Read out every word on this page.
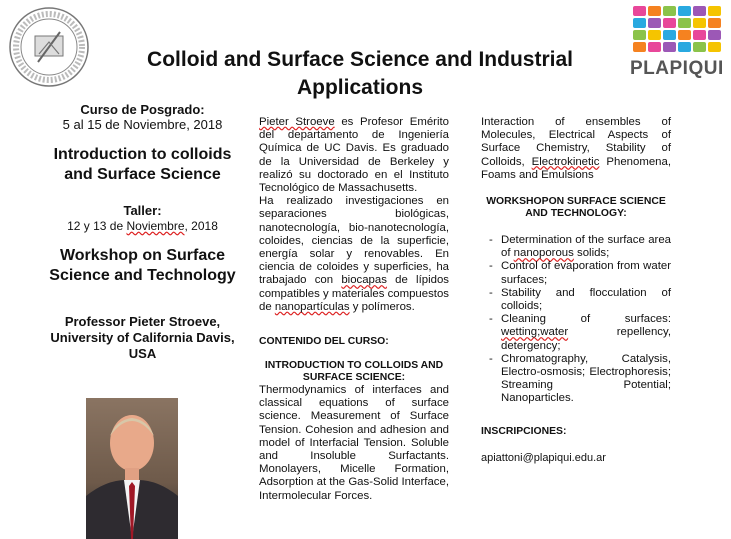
PLAPIQUI
Colloid and Surface Science and Industrial Applications
Curso de Posgrado:
5 al 15 de Noviembre, 2018
Introduction to colloids and Surface Science
Taller:
12 y 13 de Noviembre, 2018
Workshop on Surface Science and Technology
Professor Pieter Stroeve, University of California Davis, USA
Pieter Stroeve es Profesor Emérito del departamento de Ingeniería Química de UC Davis. Es graduado de la Universidad de Berkeley y realizó su doctorado en el Instituto Tecnológico de Massachusetts.
Ha realizado investigaciones en separaciones biológicas, nanotecnología, bio-nanotecnología, coloides, ciencias de la superficie, energía solar y renovables. En ciencia de coloides y superficies, ha trabajado con biocapas de lípidos compatibles y materiales compuestos de nanopartículas y polímeros.
CONTENIDO DEL CURSO:
INTRODUCTION TO COLLOIDS AND SURFACE SCIENCE:
Thermodynamics of interfaces and classical equations of surface science. Measurement of Surface Tension. Cohesion and adhesion and model of Interfacial Tension. Soluble and Insoluble Surfactants. Monolayers, Micelle Formation, Adsorption at the Gas-Solid Interface, Intermolecular Forces.
Interaction of ensembles of Molecules, Electrical Aspects of Surface Chemistry, Stability of Colloids, Electrokinetic Phenomena, Foams and Emulsions
WORKSHOPON SURFACE SCIENCE AND TECHNOLOGY:
- Determination of the surface area of nanoporous solids;
- Control of evaporation from water surfaces;
- Stability and flocculation of colloids;
- Cleaning of surfaces: wetting;water repellency, detergency;
- Chromatography, Catalysis, Electro-osmosis; Electrophoresis; Streaming Potential; Nanoparticles.
INSCRIPCIONES:
apiattoni@plapiqui.edu.ar
